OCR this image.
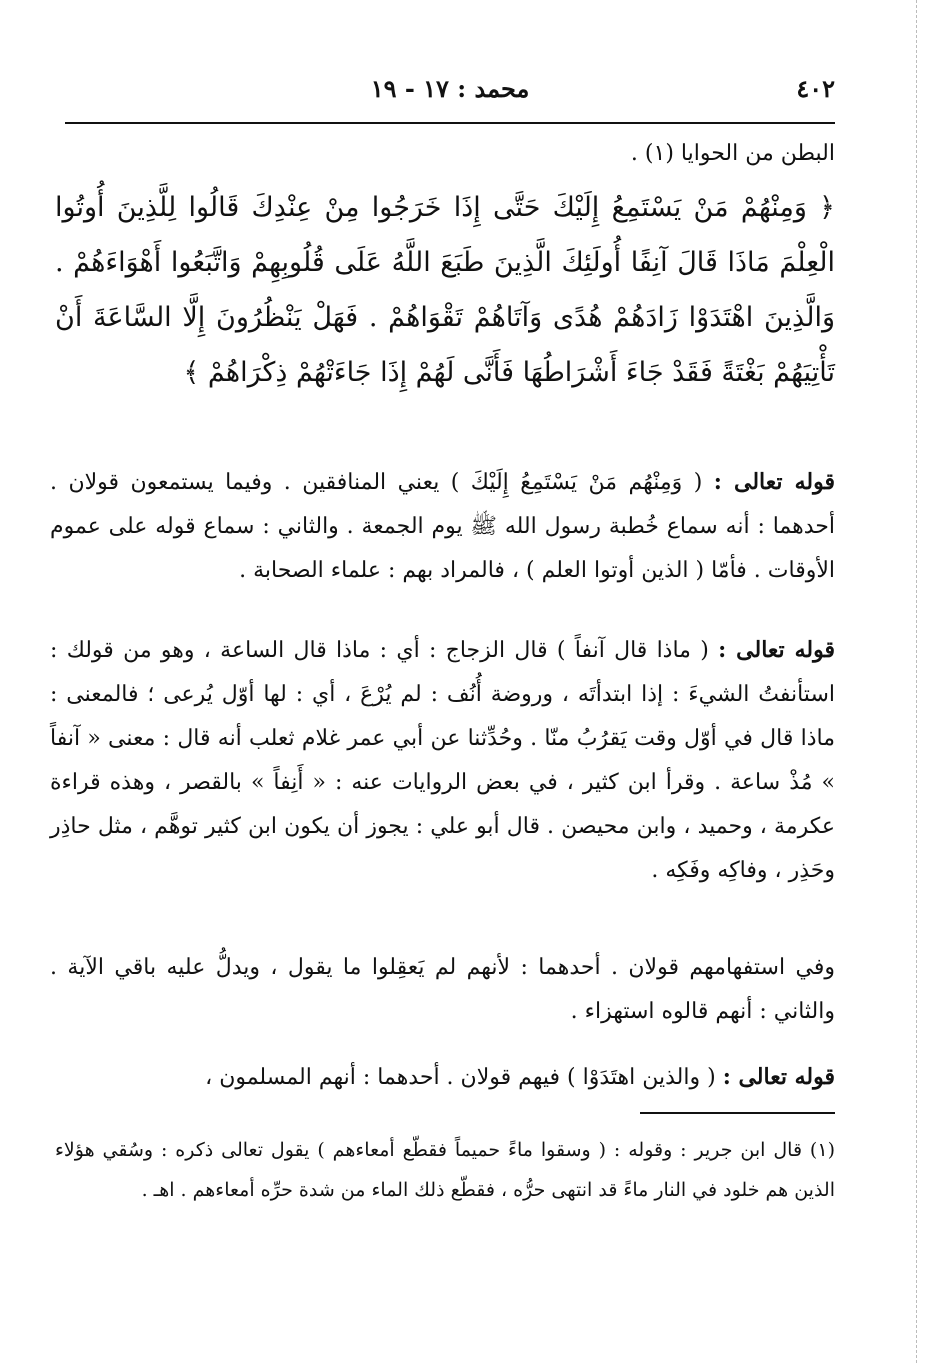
٤٠٢
محمد : ١٧ - ١٩

البطن من الحوايا (١) .

﴿ وَمِنْهُمْ مَنْ يَسْتَمِعُ إِلَيْكَ حَتَّى إِذَا خَرَجُوا مِنْ عِنْدِكَ قَالُوا لِلَّذِينَ أُوتُوا الْعِلْمَ مَاذَا قَالَ آنِفًا أُولَئِكَ الَّذِينَ طَبَعَ اللَّهُ عَلَى قُلُوبِهِمْ وَاتَّبَعُوا أَهْوَاءَهُمْ . وَالَّذِينَ اهْتَدَوْا زَادَهُمْ هُدًى وَآتَاهُمْ تَقْوَاهُمْ . فَهَلْ يَنْظُرُونَ إِلَّا السَّاعَةَ أَنْ تَأْتِيَهُمْ بَغْتَةً فَقَدْ جَاءَ أَشْرَاطُهَا فَأَنَّى لَهُمْ إِذَا جَاءَتْهُمْ ذِكْرَاهُمْ ﴾

قوله تعالى : ( وَمِنْهُم مَنْ يَسْتَمِعُ إِلَيْكَ ) يعني المنافقين . وفيما يستمعون قولان . أحدهما : أنه سماع خُطبة رسول الله ﷺ يوم الجمعة . والثاني : سماع قوله على عموم الأوقات . فأمّا ( الذين أوتوا العلم ) ، فالمراد بهم : علماء الصحابة .

قوله تعالى : ( ماذا قال آنفاً ) قال الزجاج : أي : ماذا قال الساعة ، وهو من قولك : استأنفتُ الشيءَ : إذا ابتدأتَه ، وروضة أُنُف : لم يُرْعَ ، أي : لها أوّل يُرعى ؛ فالمعنى : ماذا قال في أوّل وقت يَقرُبُ منّا . وحُدِّثنا عن أبي عمر غلام ثعلب أنه قال : معنى « آنفاً » مُذْ ساعة . وقرأ ابن كثير ، في بعض الروايات عنه : « أَنِفاً » بالقصر ، وهذه قراءة عكرمة ، وحميد ، وابن محيصن . قال أبو علي : يجوز أن يكون ابن كثير توهَّم ، مثل حاذِر وحَذِر ، وفاكِه وفَكِه .

وفي استفهامهم قولان . أحدهما : لأنهم لم يَعقِلوا ما يقول ، ويدلُّ عليه باقي الآية . والثاني : أنهم قالوه استهزاء .

قوله تعالى : ( والذين اهتَدَوْا ) فيهم قولان . أحدهما : أنهم المسلمون ،

(١) قال ابن جرير : وقوله : ( وسقوا ماءً حميماً فقطّع أمعاءهم ) يقول تعالى ذكره : وسُقي هؤلاء الذين هم خلود في النار ماءً قد انتهى حرُّه ، فقطّع ذلك الماء من شدة حرِّه أمعاءهم . اهـ .
